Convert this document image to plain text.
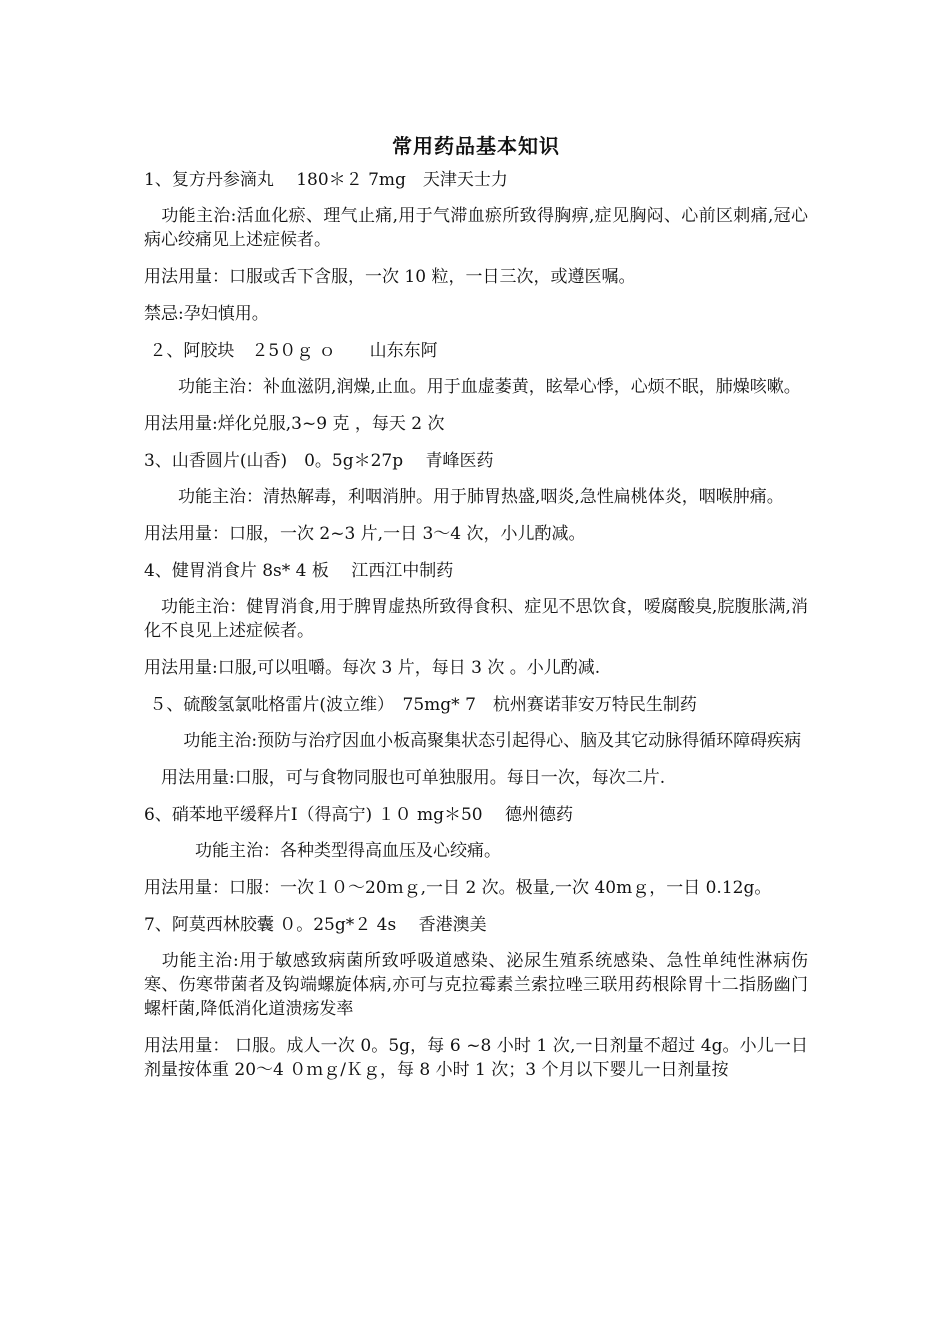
常用药品基本知识
1、复方丹参滴丸　 180＊２ 7mg　天津天士力
　功能主治:活血化瘀、理气止痛,用于气滞血瘀所致得胸痹,症见胸闷、心前区刺痛,冠心病心绞痛见上述症候者。
用法用量：口服或舌下含服，一次 10 粒，一日三次，或遵医嘱。
禁忌:孕妇慎用。
２、阿胶块　２5０ｇ ｏ　　山东东阿
　　功能主治：补血滋阴,润燥,止血。用于血虚萎黄，眩晕心悸，心烦不眠，肺燥咳嗽。
用法用量:烊化兑服,3~9 克 ，每天 2 次
3、山香圆片(山香)　0。5g＊27p　 青峰医药
　　功能主治：清热解毒，利咽消肿。用于肺胃热盛,咽炎,急性扁桃体炎，咽喉肿痛。
用法用量：口服，一次 2~3 片,一日 3～4 次，小儿酌减。
4、健胃消食片 8s* 4 板　 江西江中制药
　功能主治：健胃消食,用于脾胃虚热所致得食积、症见不思饮食，嗳腐酸臭,脘腹胀满,消化不良见上述症候者。
用法用量:口服,可以咀嚼。每次 3 片，每日 3 次 。小儿酌减.
５、硫酸氢氯吡格雷片(波立维）　75mg* 7　杭州赛诺菲安万特民生制药
　　 功能主治:预防与治疗因血小板高聚集状态引起得心、脑及其它动脉得循环障碍疾病
　用法用量:口服，可与食物同服也可单独服用。每日一次，每次二片.
6、硝苯地平缓释片Ⅰ（得高宁) １０ mg＊50　 德州德药
　　　功能主治：各种类型得高血压及心绞痛。
用法用量：口服：一次１０～20ｍｇ,一日 2 次。极量,一次 40mｇ，一日 0.12g。
7、阿莫西林胶囊 ０。25g*２ 4s　 香港澳美
　功能主治:用于敏感致病菌所致呼吸道感染、泌尿生殖系统感染、急性单纯性淋病伤寒、伤寒带菌者及钩端螺旋体病,亦可与克拉霉素兰索拉唑三联用药根除胃十二指肠幽门螺杆菌,降低消化道溃疡发率
用法用量： 口服。成人一次 0。5g，每 6 ~8 小时 1 次,一日剂量不超过 4g。小儿一日剂量按体重 20～4 ０ｍｇ/Ｋｇ，每 8 小时 1 次；3 个月以下婴儿一日剂量按
